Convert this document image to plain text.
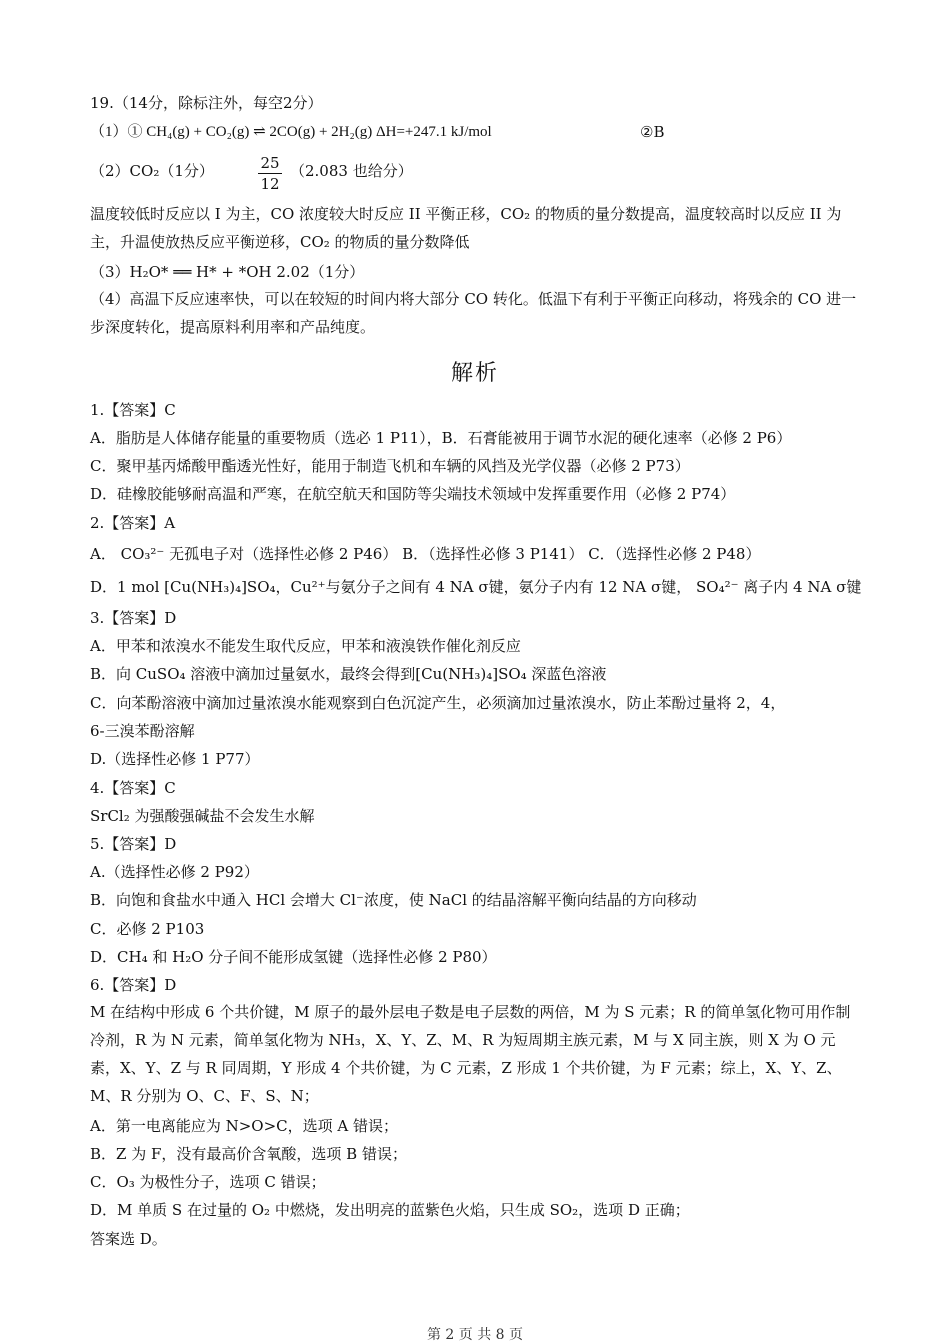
19.（14分，除标注外，每空2分）
（1）① CH₄(g) + CO₂(g) ⇌ 2CO(g) + 2H₂(g) ΔH=+247.1 kJ/mol	②B
（2）CO₂（1分）	25
12
（2.083 也给分）
温度较低时反应以 I 为主，CO 浓度较大时反应 II 平衡正移，CO₂ 的物质的量分数提高，温度较高时以反应 II 为主，升温使放热反应平衡逆移，CO₂ 的物质的量分数降低
（3）H₂O* ══ H* + *OH 2.02（1分）
（4）高温下反应速率快，可以在较短的时间内将大部分 CO 转化。低温下有利于平衡正向移动，将残余的 CO 进一步深度转化，提高原料利用率和产品纯度。
解析
1.【答案】C
A．脂肪是人体储存能量的重要物质（选必 1 P11），B．石膏能被用于调节水泥的硬化速率（必修 2 P6）
C．聚甲基丙烯酸甲酯透光性好，能用于制造飞机和车辆的风挡及光学仪器（必修 2 P73）
D．硅橡胶能够耐高温和严寒，在航空航天和国防等尖端技术领域中发挥重要作用（必修 2 P74）
2.【答案】A
A． CO₃²⁻ 无孤电子对（选择性必修 2 P46） B．（选择性必修 3 P141） C．（选择性必修 2 P48）
D．1 mol [Cu(NH₃)₄]SO₄，Cu²⁺与氨分子之间有 4 NA σ键，氨分子内有 12 NA σ键， SO₄²⁻ 离子内 4 NA σ键
3.【答案】D
A．甲苯和浓溴水不能发生取代反应，甲苯和液溴铁作催化剂反应
B．向 CuSO₄ 溶液中滴加过量氨水，最终会得到[Cu(NH₃)₄]SO₄ 深蓝色溶液
C．向苯酚溶液中滴加过量浓溴水能观察到白色沉淀产生，必须滴加过量浓溴水，防止苯酚过量将 2，4，
6-三溴苯酚溶解
D.（选择性必修 1 P77）
4.【答案】C
SrCl₂ 为强酸强碱盐不会发生水解
5.【答案】D
A.（选择性必修 2 P92）
B．向饱和食盐水中通入 HCl 会增大 Cl⁻浓度，使 NaCl 的结晶溶解平衡向结晶的方向移动
C．必修 2 P103
D．CH₄ 和 H₂O 分子间不能形成氢键（选择性必修 2 P80）
6.【答案】D
M 在结构中形成 6 个共价键，M 原子的最外层电子数是电子层数的两倍，M 为 S 元素；R 的简单氢化物可用作制冷剂，R 为 N 元素，简单氢化物为 NH₃，X、Y、Z、M、R 为短周期主族元素，M 与 X 同主族，则 X 为 O 元素，X、Y、Z 与 R 同周期，Y 形成 4 个共价键，为 C 元素，Z 形成 1 个共价键，为 F 元素；综上，X、Y、Z、M、R 分别为 O、C、F、S、N；
A．第一电离能应为 N>O>C，选项 A 错误；
B．Z 为 F，没有最高价含氧酸，选项 B 错误；
C．O₃ 为极性分子，选项 C 错误；
D．M 单质 S 在过量的 O₂ 中燃烧，发出明亮的蓝紫色火焰，只生成 SO₂，选项 D 正确；
答案选 D。
第 2 页 共 8 页
